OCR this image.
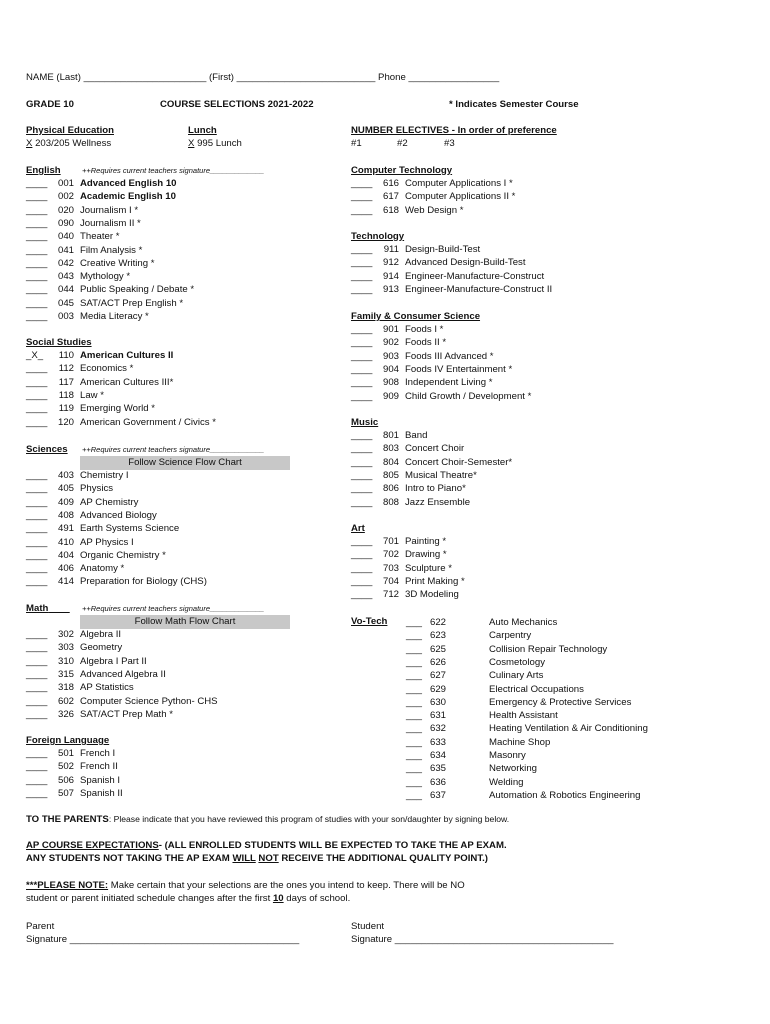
NAME (Last) _______________________ (First) __________________________ Phone _________________
GRADE 10	COURSE SELECTIONS 2021-2022	* Indicates Semester Course
Physical Education
X 203/205 Wellness
Lunch
X 995 Lunch
NUMBER ELECTIVES - In order of preference
#1	#2	#3
English	++Requires current teachers signature_____________
____ 001 Advanced English 10
____ 002 Academic English 10
____ 020 Journalism I *
____ 090 Journalism II *
____ 040 Theater *
____ 041 Film Analysis *
____ 042 Creative Writing *
____ 043 Mythology *
____ 044 Public Speaking / Debate *
____ 045 SAT/ACT Prep English *
____ 003 Media Literacy *
Social Studies
_X_ 110 American Cultures II
____ 112 Economics *
____ 117 American Cultures III*
____ 118 Law *
____ 119 Emerging World *
____ 120 American Government / Civics *
Sciences ++Requires current teachers signature_____________
Follow Science Flow Chart
____ 403 Chemistry I
____ 405 Physics
____ 409 AP Chemistry
____ 408 Advanced Biology
____ 491 Earth Systems Science
____ 410 AP Physics I
____ 404 Organic Chemistry *
____ 406 Anatomy *
____ 414 Preparation for Biology (CHS)
Math	++Requires current teachers signature_____________
Follow Math Flow Chart
____ 302 Algebra II
____ 303 Geometry
____ 310 Algebra I Part II
____ 315 Advanced Algebra II
____ 318 AP Statistics
____ 602 Computer Science Python- CHS
____ 326 SAT/ACT Prep Math *
Foreign Language
____ 501 French I
____ 502 French II
____ 506 Spanish I
____ 507 Spanish II
Computer Technology
____ 616 Computer Applications I *
____ 617 Computer Applications II *
____ 618 Web Design *
Technology
____ 911 Design-Build-Test
____ 912 Advanced Design-Build-Test
____ 914 Engineer-Manufacture-Construct
____ 913 Engineer-Manufacture-Construct II
Family & Consumer Science
____ 901 Foods I *
____ 902 Foods II *
____ 903 Foods III Advanced *
____ 904 Foods IV Entertainment *
____ 908 Independent Living *
____ 909 Child Growth / Development *
Music
____ 801 Band
____ 803 Concert Choir
____ 804 Concert Choir-Semester*
____ 805 Musical Theatre*
____ 806 Intro to Piano*
____ 808 Jazz Ensemble
Art
____ 701 Painting *
____ 702 Drawing *
____ 703 Sculpture *
____ 704 Print Making *
____ 712 3D Modeling
Vo-Tech ___ 622	Auto Mechanics
___ 623	Carpentry
___ 625	Collision Repair Technology
___ 626	Cosmetology
___ 627	Culinary Arts
___ 629	Electrical Occupations
___ 630	Emergency & Protective Services
___ 631	Health Assistant
___ 632	Heating Ventilation & Air Conditioning
___ 633	Machine Shop
___ 634	Masonry
___ 635	Networking
___ 636	Welding
___ 637	Automation & Robotics Engineering
TO THE PARENTS: Please indicate that you have reviewed this program of studies with your son/daughter by signing below.
AP COURSE EXPECTATIONS- (ALL ENROLLED STUDENTS WILL BE EXPECTED TO TAKE THE AP EXAM.
ANY STUDENTS NOT TAKING THE AP EXAM WILL NOT RECEIVE THE ADDITIONAL QUALITY POINT.)
***PLEASE NOTE: Make certain that your selections are the ones you intend to keep. There will be NO
student or parent initiated schedule changes after the first 10 days of school.
Parent
Signature ___________________________________________
Student
Signature _________________________________________
